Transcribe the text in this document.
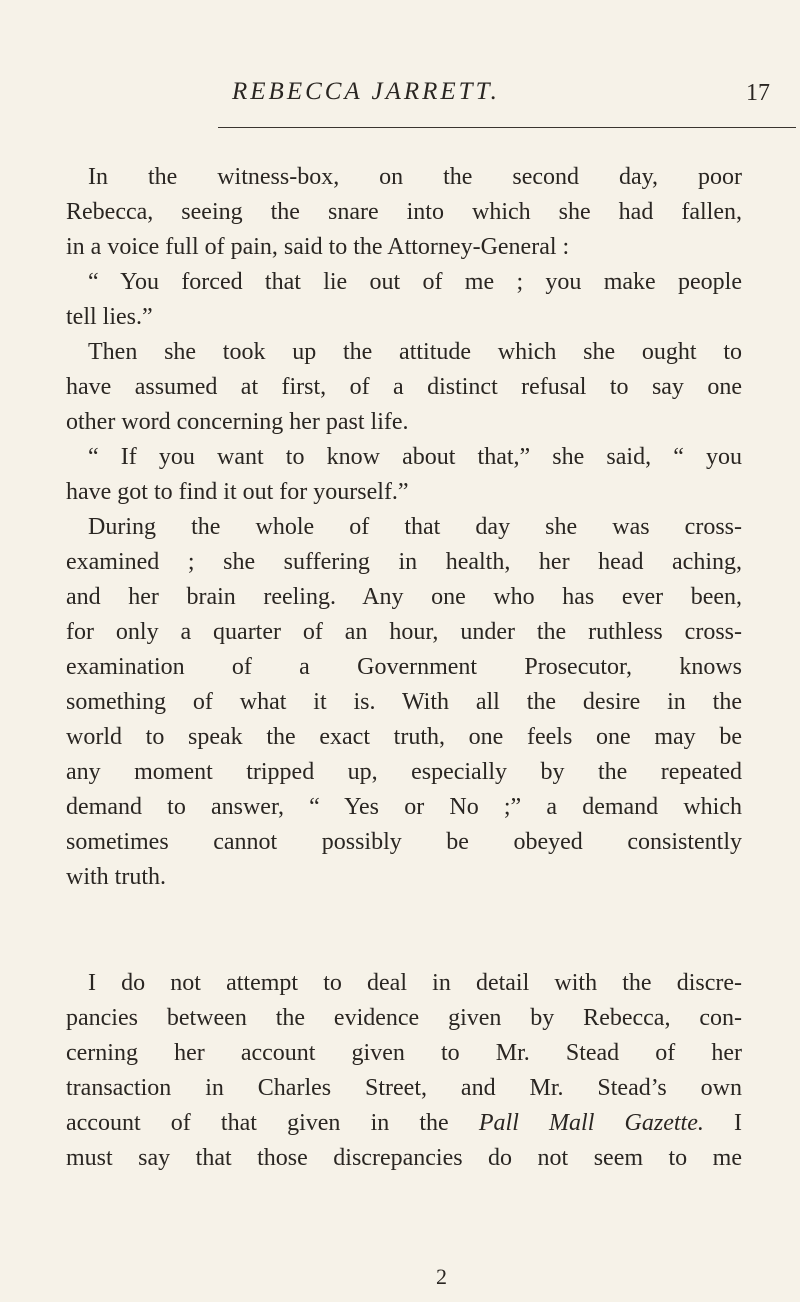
REBECCA JARRETT.	17

In the witness-box, on the second day, poor
Rebecca, seeing the snare into which she had fallen,
in a voice full of pain, said to the Attorney-General :

“ You forced that lie out of me ; you make people
tell lies.”

Then she took up the attitude which she ought to
have assumed at first, of a distinct refusal to say one
other word concerning her past life.

“ If you want to know about that,” she said, “ you
have got to find it out for yourself.”

During the whole of that day she was cross-
examined ; she suffering in health, her head aching,
and her brain reeling. Any one who has ever been,
for only a quarter of an hour, under the ruthless cross-
examination of a Government Prosecutor, knows
something of what it is. With all the desire in the
world to speak the exact truth, one feels one may be
any moment tripped up, especially by the repeated
demand to answer, “ Yes or No ;” a demand which
sometimes cannot possibly be obeyed consistently
with truth.

I do not attempt to deal in detail with the discre-
pancies between the evidence given by Rebecca, con-
cerning her account given to Mr. Stead of her
transaction in Charles Street, and Mr. Stead’s own
account of that given in the Pall Mall Gazette. I
must say that those discrepancies do not seem to me

2
